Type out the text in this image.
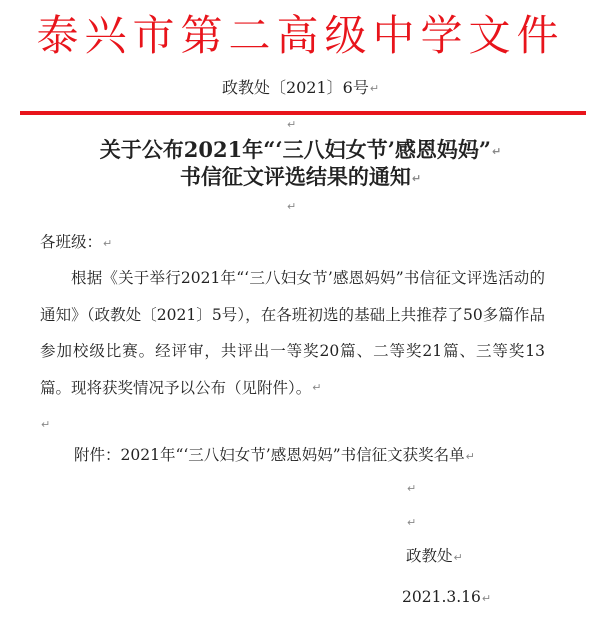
泰兴市第二高级中学文件
政教处〔2021〕6号↵
↵
关于公布2021年“‘三八妇女节’感恩妈妈”↵
书信征文评选结果的通知↵
↵
各班级：↵
根据《关于举行2021年“‘三八妇女节’感恩妈妈”书信征文评选活动的通知》（政教处〔2021〕5号），在各班初选的基础上共推荐了50多篇作品参加校级比赛。经评审，共评出一等奖20篇、二等奖21篇、三等奖13篇。现将获奖情况予以公布（见附件）。↵
↵
附件：2021年“‘三八妇女节’感恩妈妈”书信征文获奖名单↵
↵
↵
政教处↵
2021.3.16↵
